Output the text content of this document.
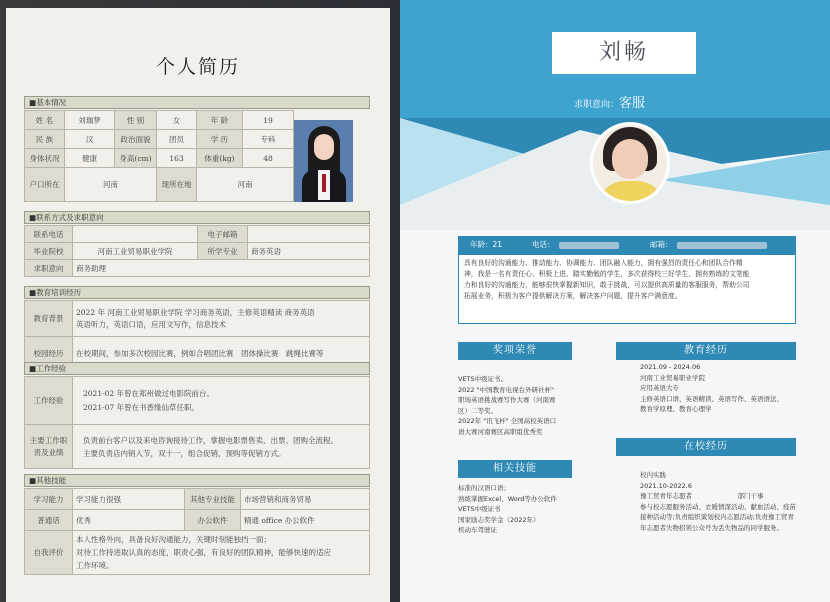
个人简历
■基本情况
姓 名	刘珈梦	性 别	女	年 龄	19
民 族	汉	政治面貌	团员	学 历	专科
身体状况	健康	身高(cm)	163	体重(kg)	48
户口所在	河南		现所在地	河南	
■联系方式及求职意向
联系电话		电子邮箱	
毕业院校	河南工业贸易职业学院	所学专业	商务英语
求职意向	商务助理		
■教育培训经历
教育背景	2022 年 河南工业贸易职业学院 学习商务英语，主修英语精读 商务英语
英语听力，英语口语，应用文写作，信息技术

校园经历	在校期间，参加多次校园比赛，例如合唱团比赛　团体操比赛　跳绳比赛等
■工作经验
工作经验	2021-02 年曾在郑州做过电影院前台。
2021-07 年曾在书香缘仙草任职。

主要工作职责及业绩	负责前台客户以及来电咨询接待工作，掌握电影票售卖、出票、团购全流程。
主要负责店内销入节，双十一，组合促销，预购等促销方式。
■其他技能
学习能力	学习能力很强	其他专业技能	市场营销和商务贸易
普通话	优秀	办公软件	精通 office 办公软件
自我评价	本人性格外向，具备良好沟通能力，关键时刻能独挡一面；
对待工作持进取认真的态度，职责心强，有良好的团队精神，能够快速的适应
工作环境。		
刘畅
求职意向：客服
年龄：21	电话：	邮箱：
具有良好的沟通能力、推动能力、协调能力、团队融入能力，拥有强烈的责任心和团队合作精
神，我是一名有责任心、积极上进、踏实勤勉的学生，多次获得校三好学生，拥有熟练的文笔能
力和良好的沟通能力，能够很快掌握新知识，敢于挑战，可以提供高质量的客服服务，帮助公司
拓展业务，积极为客户提供解决方案，解决客户问题，提升客户满意度。
奖项荣誉
VETS中级证书。
2022 "中国教育电视台外研社杯"
职场英语挑战赛写作大赛（河南赛
区）二等奖。
2022年 "讯飞杯" 全国高校英语口
语大赛河南赛区高职组优秀奖
相关技能
标准的汉语口语；
熟练掌握Excel、Word等办公软件
VETS中级证书
国家励志奖学金（2022年）
机动车驾驶证
教育经历
2021.09 - 2024.06
河南工业贸易职业学院
应用英语大专
主修英语口语、英语精读、英语写作、英语语法、
教育学原理、教育心理学
在校经历
校内实践
2021.10-2022.6
豫工贸青年志愿者　　　　　　　部门干事
参与校志愿服务活动、衣暖情深活动、献血活动、疫苗
接种活动等;负责组织策划校内志愿活动;负责豫工贸青
年志愿者失物招领公众号为丢失物品的同学服务。
